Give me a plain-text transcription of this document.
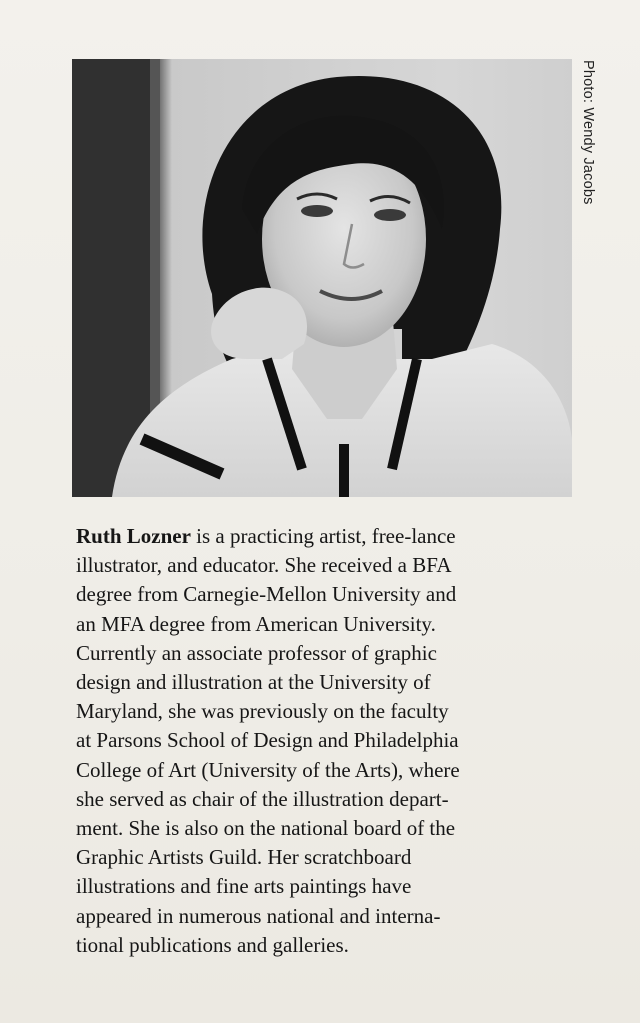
Photo: Wendy Jacobs

Ruth Lozner is a practicing artist, free-lance
illustrator, and educator. She received a BFA
degree from Carnegie-Mellon University and
an MFA degree from American University.
Currently an associate professor of graphic
design and illustration at the University of
Maryland, she was previously on the faculty
at Parsons School of Design and Philadelphia
College of Art (University of the Arts), where
she served as chair of the illustration depart-
ment. She is also on the national board of the
Graphic Artists Guild. Her scratchboard
illustrations and fine arts paintings have
appeared in numerous national and interna-
tional publications and galleries.
